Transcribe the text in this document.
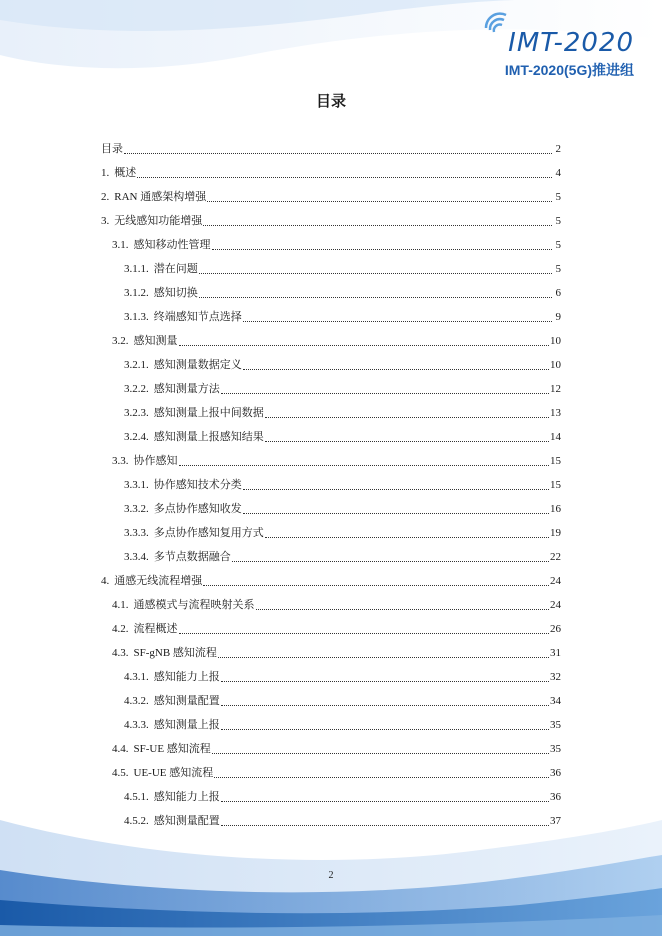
IMT-2020
IMT-2020(5G)推进组
目录
目录	2
1. 概述	4
2. RAN 通感架构增强	5
3. 无线感知功能增强	5
3.1. 感知移动性管理	5
3.1.1. 潜在问题	5
3.1.2. 感知切换	6
3.1.3. 终端感知节点选择	9
3.2. 感知测量	10
3.2.1. 感知测量数据定义	10
3.2.2. 感知测量方法	12
3.2.3. 感知测量上报中间数据	13
3.2.4. 感知测量上报感知结果	14
3.3. 协作感知	15
3.3.1. 协作感知技术分类	15
3.3.2. 多点协作感知收发	16
3.3.3. 多点协作感知复用方式	19
3.3.4. 多节点数据融合	22
4. 通感无线流程增强	24
4.1. 通感模式与流程映射关系	24
4.2. 流程概述	26
4.3. SF-gNB 感知流程	31
4.3.1. 感知能力上报	32
4.3.2. 感知测量配置	34
4.3.3. 感知测量上报	35
4.4. SF-UE 感知流程	35
4.5. UE-UE 感知流程	36
4.5.1. 感知能力上报	36
4.5.2. 感知测量配置	37
2
